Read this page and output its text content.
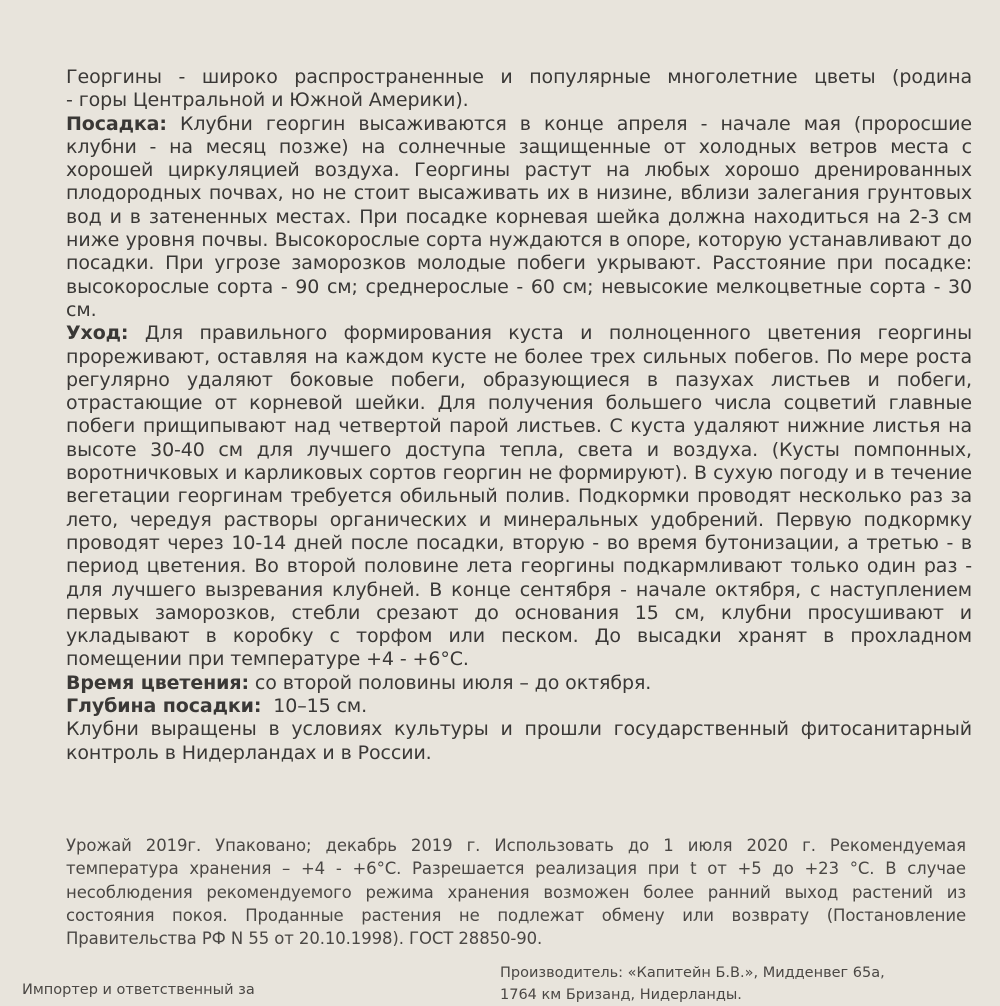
Георгины - широко распространенные и популярные многолетние цветы (родина
- горы Центральной и Южной Америки).

Посадка: Клубни георгин высаживаются в конце апреля - начале мая (проросшие клубни - на месяц позже) на солнечные защищенные от холодных ветров места с хорошей циркуляцией воздуха. Георгины растут на любых хорошо дренированных плодородных почвах, но не стоит высаживать их в низине, вблизи залегания грунтовых вод и в затененных местах. При посадке корневая шейка должна находиться на 2-3 см ниже уровня почвы. Высокорослые сорта нуждаются в опоре, которую устанавливают до посадки. При угрозе заморозков молодые побеги укрывают. Расстояние при посадке: высокорослые сорта - 90 см; среднерослые - 60 см; невысокие мелкоцветные сорта - 30 см.

Уход: Для правильного формирования куста и полноценного цветения георгины прореживают, оставляя на каждом кусте не более трех сильных побегов. По мере роста регулярно удаляют боковые побеги, образующиеся в пазухах листьев и побеги, отрастающие от корневой шейки. Для получения большего числа соцветий главные побеги прищипывают над четвертой парой листьев. С куста удаляют нижние листья на высоте 30-40 см для лучшего доступа тепла, света и воздуха. (Кусты помпонных, воротничковых и карликовых сортов георгин не формируют). В сухую погоду и в течение вегетации георгинам требуется обильный полив. Подкормки проводят несколько раз за лето, чередуя растворы органических и минеральных удобрений. Первую подкормку проводят через 10-14 дней после посадки, вторую - во время бутонизации, а третью - в период цветения. Во второй половине лета георгины подкармливают только один раз - для лучшего вызревания клубней. В конце сентября - начале октября, с наступлением первых заморозков, стебли срезают до основания 15 см, клубни просушивают и укладывают в коробку с торфом или песком. До высадки хранят в прохладном помещении при температуре +4 - +6°С.

Время цветения: со второй половины июля – до октября.

Глубина посадки:  10–15 см.

Клубни выращены в условиях культуры и прошли государственный фитосанитарный контроль в Нидерландах и в России.

Урожай 2019г. Упаковано; декабрь 2019 г. Использовать до 1 июля 2020 г. Рекомендуемая температура хранения – +4 - +6°С. Разрешается реализация при t от +5 до +23 °С. В случае несоблюдения рекомендуемого режима хранения возможен более ранний выход растений из состояния покоя. Проданные растения не подлежат обмену или возврату (Постановление Правительства РФ N 55 от 20.10.1998). ГОСТ 28850-90.

Импортер и ответственный за
Производитель: «Капитейн Б.В.», Мидденвег 65а,
1764 км Бризанд, Нидерланды.
